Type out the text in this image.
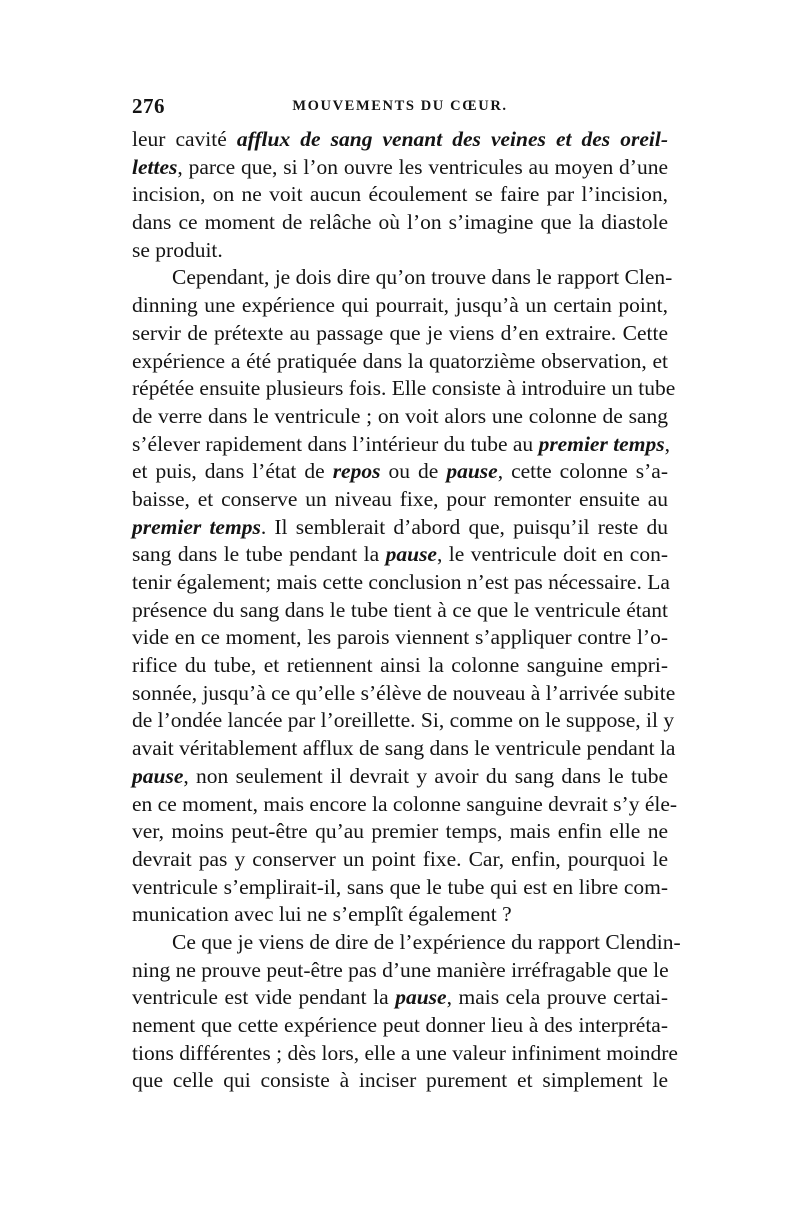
276	MOUVEMENTS DU CŒUR.
leur cavité afflux de sang venant des veines et des oreil-
lettes, parce que, si l’on ouvre les ventricules au moyen d’une
incision, on ne voit aucun écoulement se faire par l’incision,
dans ce moment de relâche où l’on s’imagine que la diastole
se produit.
Cependant, je dois dire qu’on trouve dans le rapport Clen-
dinning une expérience qui pourrait, jusqu’à un certain point,
servir de prétexte au passage que je viens d’en extraire. Cette
expérience a été pratiquée dans la quatorzième observation, et
répétée ensuite plusieurs fois. Elle consiste à introduire un tube
de verre dans le ventricule ; on voit alors une colonne de sang
s’élever rapidement dans l’intérieur du tube au premier temps,
et puis, dans l’état de repos ou de pause, cette colonne s’a-
baisse, et conserve un niveau fixe, pour remonter ensuite au
premier temps. Il semblerait d’abord que, puisqu’il reste du
sang dans le tube pendant la pause, le ventricule doit en con-
tenir également; mais cette conclusion n’est pas nécessaire. La
présence du sang dans le tube tient à ce que le ventricule étant
vide en ce moment, les parois viennent s’appliquer contre l’o-
rifice du tube, et retiennent ainsi la colonne sanguine empri-
sonnée, jusqu’à ce qu’elle s’élève de nouveau à l’arrivée subite
de l’ondée lancée par l’oreillette. Si, comme on le suppose, il y
avait véritablement afflux de sang dans le ventricule pendant la
pause, non seulement il devrait y avoir du sang dans le tube
en ce moment, mais encore la colonne sanguine devrait s’y éle-
ver, moins peut-être qu’au premier temps, mais enfin elle ne
devrait pas y conserver un point fixe. Car, enfin, pourquoi le
ventricule s’emplirait-il, sans que le tube qui est en libre com-
munication avec lui ne s’emplît également ?
Ce que je viens de dire de l’expérience du rapport Clendin-
ning ne prouve peut-être pas d’une manière irréfragable que le
ventricule est vide pendant la pause, mais cela prouve certai-
nement que cette expérience peut donner lieu à des interpréta-
tions différentes ; dès lors, elle a une valeur infiniment moindre
que celle qui consiste à inciser purement et simplement le
